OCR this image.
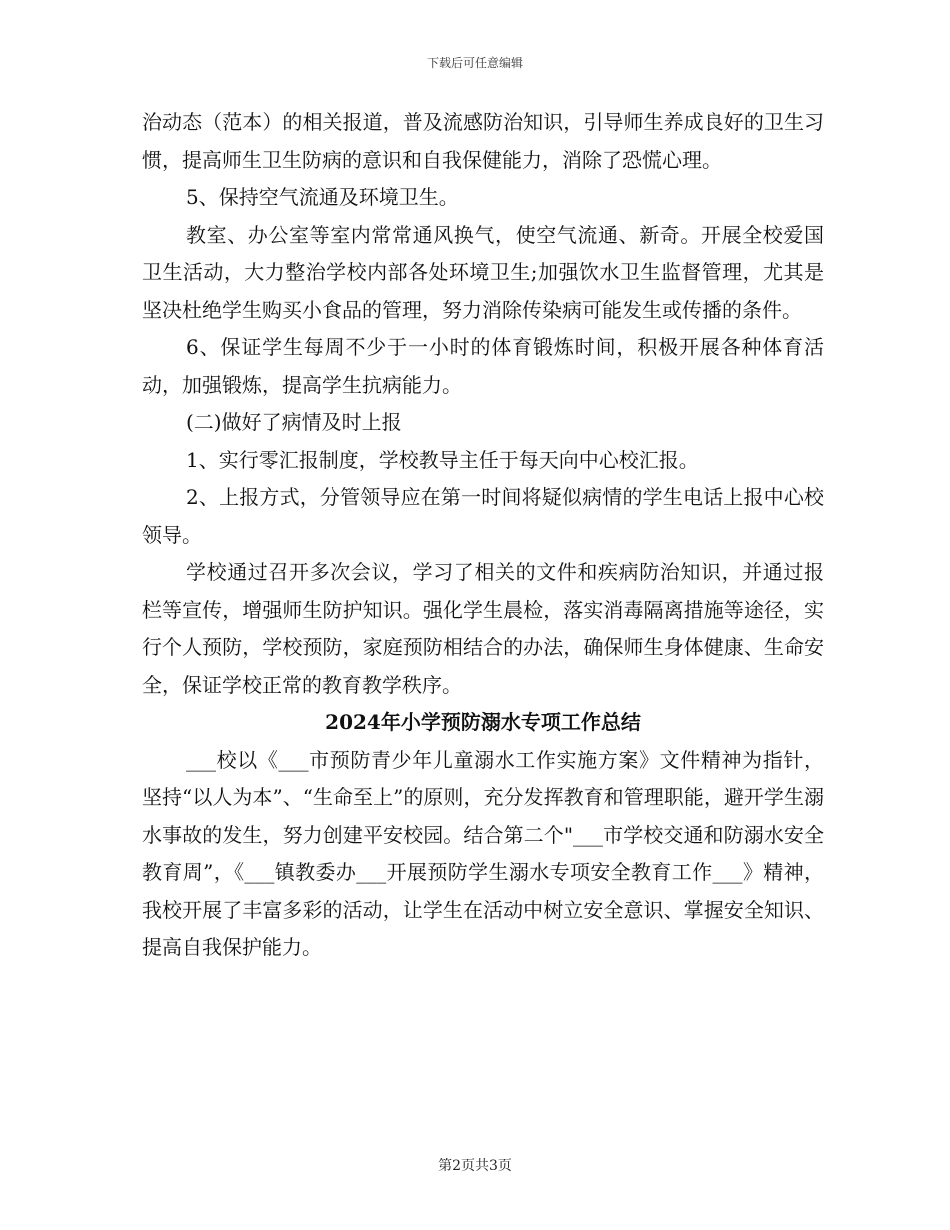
下载后可任意编辑

治动态（范本）的相关报道，普及流感防治知识，引导师生养成良好的卫生习惯，提高师生卫生防病的意识和自我保健能力，消除了恐慌心理。

5、保持空气流通及环境卫生。

教室、办公室等室内常常通风换气，使空气流通、新奇。开展全校爱国卫生活动，大力整治学校内部各处环境卫生;加强饮水卫生监督管理，尤其是坚决杜绝学生购买小食品的管理，努力消除传染病可能发生或传播的条件。

6、保证学生每周不少于一小时的体育锻炼时间，积极开展各种体育活动，加强锻炼，提高学生抗病能力。

(二)做好了病情及时上报

1、实行零汇报制度，学校教导主任于每天向中心校汇报。

2、上报方式，分管领导应在第一时间将疑似病情的学生电话上报中心校领导。

学校通过召开多次会议，学习了相关的文件和疾病防治知识，并通过报栏等宣传，增强师生防护知识。强化学生晨检，落实消毒隔离措施等途径，实行个人预防，学校预防，家庭预防相结合的办法，确保师生身体健康、生命安全，保证学校正常的教育教学秩序。

2024年小学预防溺水专项工作总结

___校以《___市预防青少年儿童溺水工作实施方案》文件精神为指针，坚持“以人为本”、“生命至上”的原则，充分发挥教育和管理职能，避开学生溺水事故的发生，努力创建平安校园。结合第二个"___市学校交通和防溺水安全教育周”，《___镇教委办___开展预防学生溺水专项安全教育工作___》精神，我校开展了丰富多彩的活动，让学生在活动中树立安全意识、掌握安全知识、提高自我保护能力。

第2页共3页
